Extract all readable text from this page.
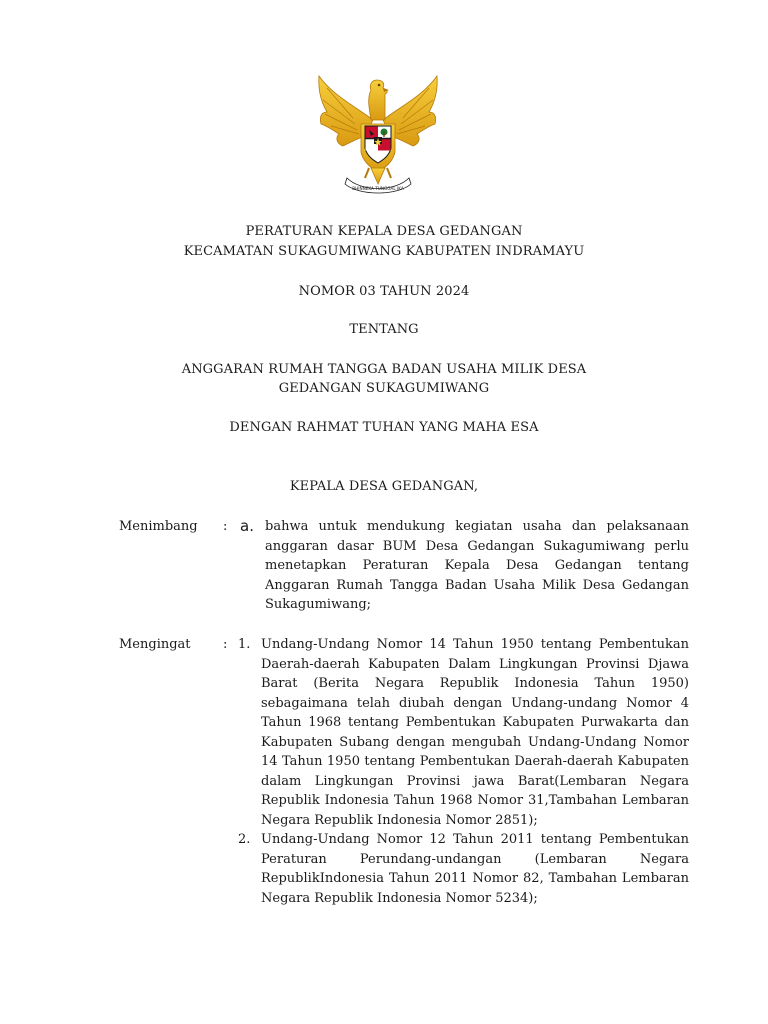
BHINNEKA TUNGGAL IKA
PERATURAN KEPALA DESA GEDANGAN
KECAMATAN SUKAGUMIWANG KABUPATEN INDRAMAYU
NOMOR 03 TAHUN 2024
TENTANG
ANGGARAN RUMAH TANGGA BADAN USAHA MILIK DESA
GEDANGAN SUKAGUMIWANG
DENGAN RAHMAT TUHAN YANG MAHA ESA
KEPALA DESA GEDANGAN,
Menimbang : a. bahwa untuk mendukung kegiatan usaha dan pelaksanaan anggaran dasar BUM Desa Gedangan Sukagumiwang perlu menetapkan Peraturan Kepala Desa Gedangan tentang Anggaran Rumah Tangga Badan Usaha Milik Desa Gedangan Sukagumiwang;
Mengingat : 1. Undang-Undang Nomor 14 Tahun 1950 tentang Pembentukan Daerah-daerah Kabupaten Dalam Lingkungan Provinsi Djawa Barat (Berita Negara Republik Indonesia Tahun 1950) sebagaimana telah diubah dengan Undang-undang Nomor 4 Tahun 1968 tentang Pembentukan Kabupaten Purwakarta dan Kabupaten Subang dengan mengubah Undang-Undang Nomor 14 Tahun 1950 tentang Pembentukan Daerah-daerah Kabupaten dalam Lingkungan Provinsi jawa Barat(Lembaran Negara Republik Indonesia Tahun 1968 Nomor 31,Tambahan Lembaran Negara Republik Indonesia Nomor 2851);
2. Undang-Undang Nomor 12 Tahun 2011 tentang Pembentukan Peraturan Perundang-undangan (Lembaran Negara RepublikIndonesia Tahun 2011 Nomor 82, Tambahan Lembaran Negara Republik Indonesia Nomor 5234);
